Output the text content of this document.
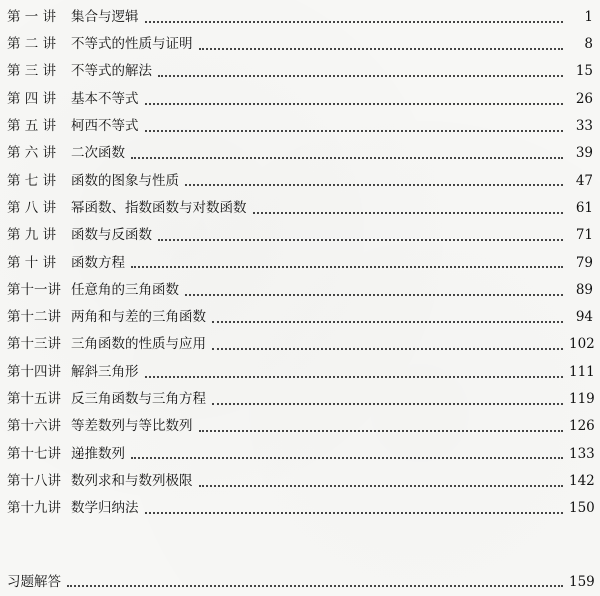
第 一 讲	集合与逻辑	1
第 二 讲	不等式的性质与证明	8
第 三 讲	不等式的解法	15
第 四 讲	基本不等式	26
第 五 讲	柯西不等式	33
第 六 讲	二次函数	39
第 七 讲	函数的图象与性质	47
第 八 讲	幂函数、指数函数与对数函数	61
第 九 讲	函数与反函数	71
第 十 讲	函数方程	79
第十一讲 任意角的三角函数	89
第十二讲 两角和与差的三角函数	94
第十三讲 三角函数的性质与应用	102
第十四讲 解斜三角形	111
第十五讲 反三角函数与三角方程	119
第十六讲 等差数列与等比数列	126
第十七讲 递推数列	133
第十八讲 数列求和与数列极限	142
第十九讲 数学归纳法	150
习题解答	159
